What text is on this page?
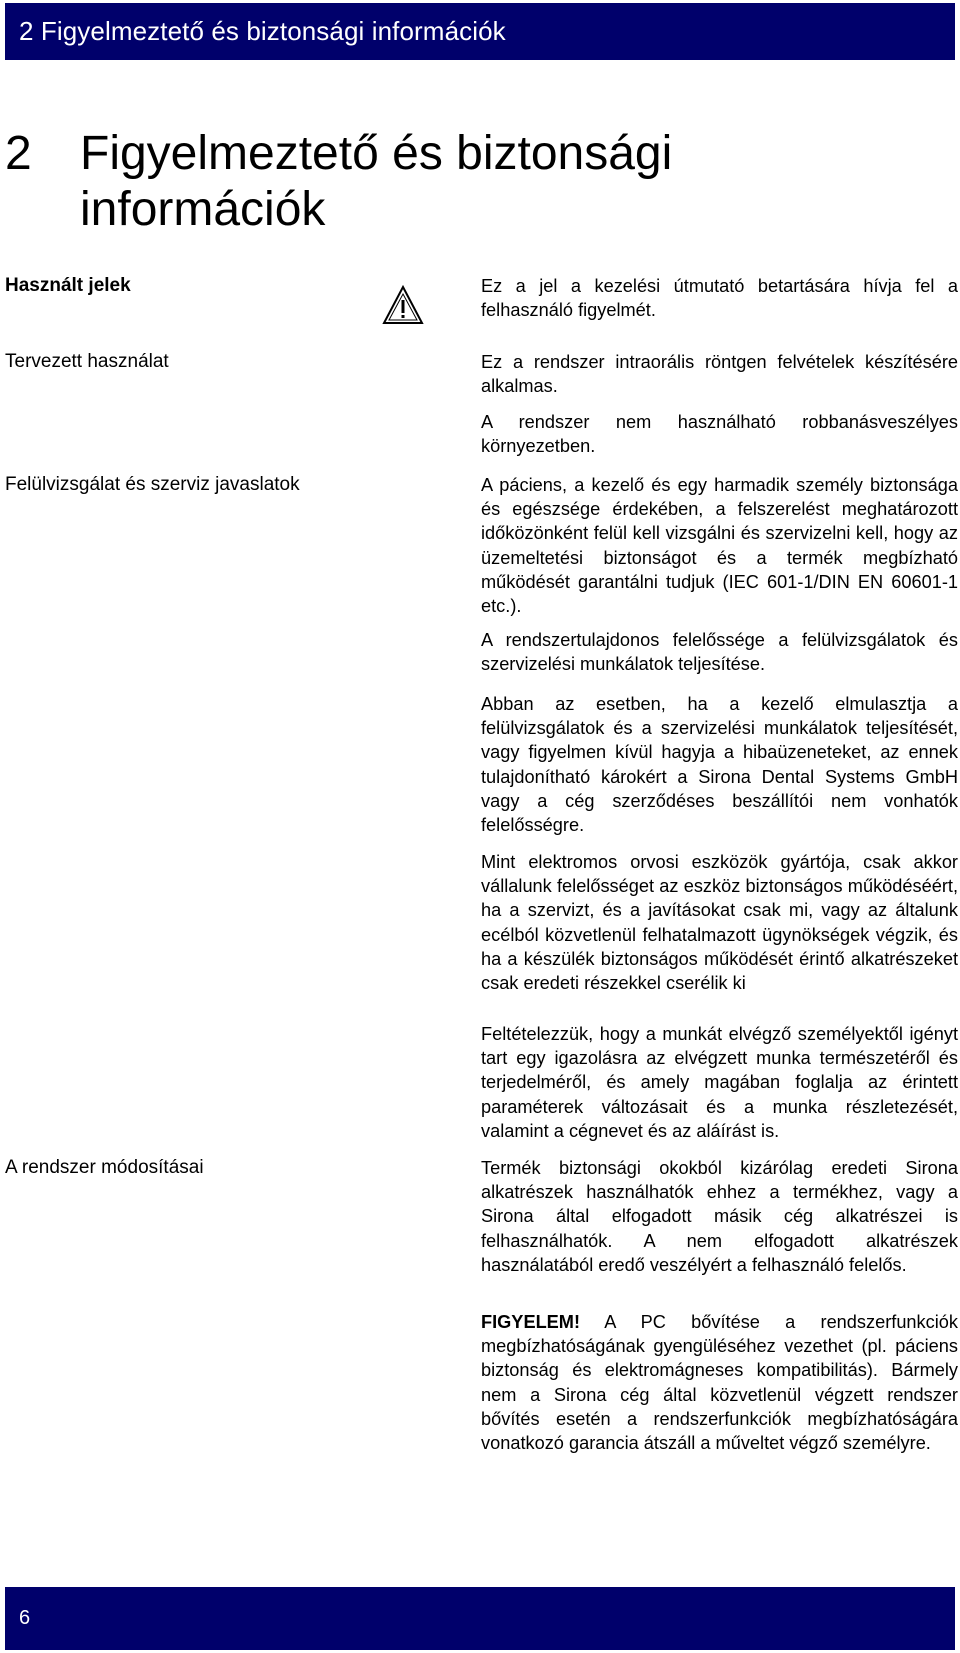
2 Figyelmeztető és biztonsági információk
2 Figyelmeztető és biztonsági információk
Használt jelek	Ez a jel a kezelési útmutató betartására hívja fel a felhasználó figyelmét.

Tervezett használat	Ez a rendszer intraorális röntgen felvételek készítésére alkalmas.

A rendszer nem használható robbanásveszélyes környezetben.

Felülvizsgálat és szerviz javaslatok	A páciens, a kezelő és egy harmadik személy biztonsága és egészsége érdekében, a felszerelést meghatározott időközönként felül kell vizsgálni és szervizelni kell, hogy az üzemeltetési biztonságot és a termék megbízható működését garantálni tudjuk (IEC 601-1/DIN EN 60601-1 etc.).

A rendszertulajdonos felelőssége a felülvizsgálatok és szervizelési munkálatok teljesítése.

Abban az esetben, ha a kezelő elmulasztja a felülvizsgálatok és a szervizelési munkálatok teljesítését, vagy figyelmen kívül hagyja a hibaüzeneteket, az ennek tulajdonítható károkért a Sirona Dental Systems GmbH vagy a cég szerződéses beszállítói nem vonhatók felelősségre.

Mint elektromos orvosi eszközök gyártója, csak akkor vállalunk felelősséget az eszköz biztonságos működéséért, ha a szervizt, és a javításokat csak mi, vagy az általunk ecélból közvetlenül felhatalmazott ügynökségek végzik, és ha a készülék biztonságos működését érintő alkatrészeket csak eredeti részekkel cserélik ki

Feltételezzük, hogy a munkát elvégző személyektől igényt tart egy igazolásra az elvégzett munka természetéről és terjedelméről, és amely magában foglalja az érintett paraméterek változásait és a munka részletezését, valamint a cégnevet és az aláírást is.

A rendszer módosításai	Termék biztonsági okokból kizárólag eredeti Sirona alkatrészek használhatók ehhez a termékhez, vagy a Sirona által elfogadott másik cég alkatrészei is felhasználhatók. A nem elfogadott alkatrészek használatából eredő veszélyért a felhasználó felelős.

FIGYELEM! A PC bővítése a rendszerfunkciók megbízhatóságának gyengüléséhez vezethet (pl. páciens biztonság és elektromágneses kompatibilitás). Bármely nem a Sirona cég által közvetlenül végzett rendszer bővítés esetén a rendszerfunkciók megbízhatóságára vonatkozó garancia átszáll a műveltet végző személyre.

6
